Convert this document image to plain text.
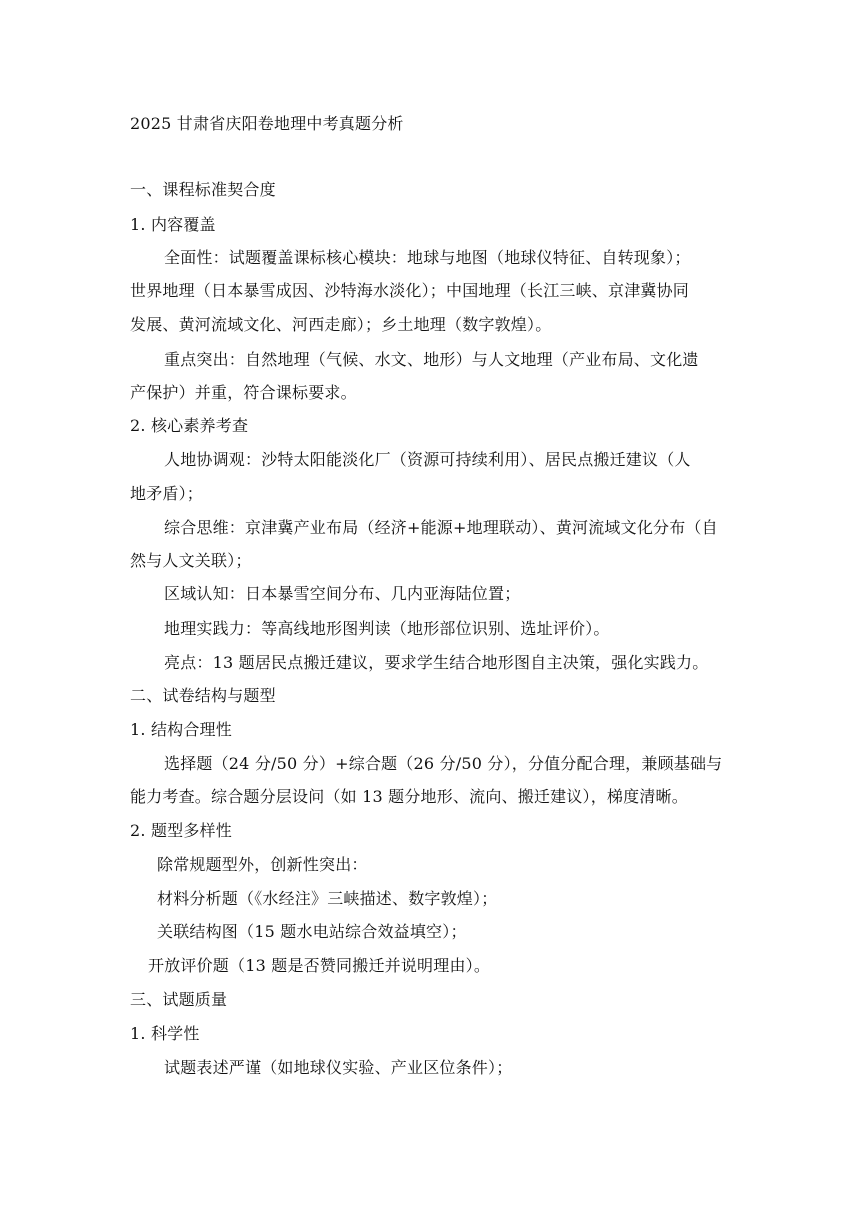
2025 甘肃省庆阳卷地理中考真题分析
一、课程标准契合度
1. 内容覆盖
全面性：试题覆盖课标核心模块：地球与地图（地球仪特征、自转现象）；
世界地理（日本暴雪成因、沙特海水淡化）；中国地理（长江三峡、京津冀协同
发展、黄河流域文化、河西走廊）；乡土地理（数字敦煌）。
重点突出：自然地理（气候、水文、地形）与人文地理（产业布局、文化遗
产保护）并重，符合课标要求。
2. 核心素养考查
人地协调观：沙特太阳能淡化厂（资源可持续利用）、居民点搬迁建议（人
地矛盾）；
综合思维：京津冀产业布局（经济+能源+地理联动）、黄河流域文化分布（自
然与人文关联）；
区域认知：日本暴雪空间分布、几内亚海陆位置；
地理实践力：等高线地形图判读（地形部位识别、选址评价）。
亮点：13 题居民点搬迁建议，要求学生结合地形图自主决策，强化实践力。
二、试卷结构与题型
1. 结构合理性
选择题（24 分/50 分）+综合题（26 分/50 分），分值分配合理，兼顾基础与
能力考查。综合题分层设问（如 13 题分地形、流向、搬迁建议），梯度清晰。
2. 题型多样性
除常规题型外，创新性突出：
材料分析题（《水经注》三峡描述、数字敦煌）；
关联结构图（15 题水电站综合效益填空）；
开放评价题（13 题是否赞同搬迁并说明理由）。
三、试题质量
1. 科学性
试题表述严谨（如地球仪实验、产业区位条件）；
